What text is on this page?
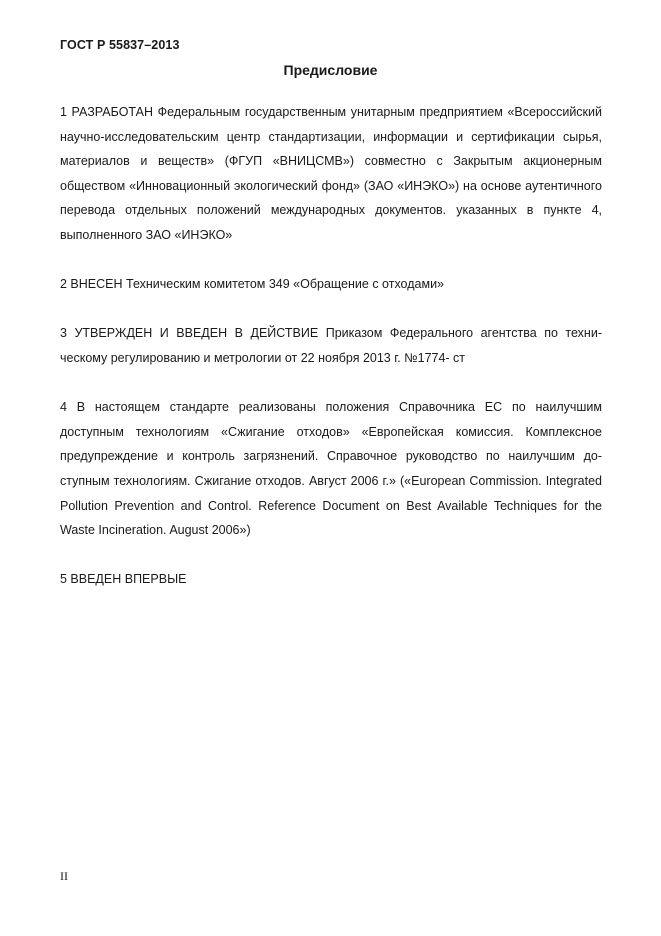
ГОСТ Р 55837–2013
Предисловие

1 РАЗРАБОТАН Федеральным государственным унитарным предприятием «Всероссийский научно-исследовательским центр стандартизации, информации и сертификации сырья, материалов и веществ» (ФГУП «ВНИЦСМВ») совместно с Закрытым акционерным обществом «Инновационный экологический фонд» (ЗАО «ИНЭКО») на основе аутентичного перевода отдельных положений международных документов. указанных в пункте 4, выполненного ЗАО «ИНЭКО»

2 ВНЕСЕН Техническим комитетом 349 «Обращение с отходами»

3 УТВЕРЖДЕН И ВВЕДЕН В ДЕЙСТВИЕ Приказом Федерального агентства по техническому регулированию и метрологии от 22 ноября 2013 г. №1774- ст

4 В настоящем стандарте реализованы положения Справочника ЕС по наилучшим доступным технологиям «Сжигание отходов» «Европейская комиссия. Комплексное предупреждение и контроль загрязнений. Справочное руководство по наилучшим доступным технологиям. Сжигание отходов. Август 2006 г.» («European Commission. Integrated Pollution Prevention and Control. Reference Document on Best Available Techniques for the Waste Incineration. August 2006»)

5 ВВЕДЕН ВПЕРВЫЕ

II
